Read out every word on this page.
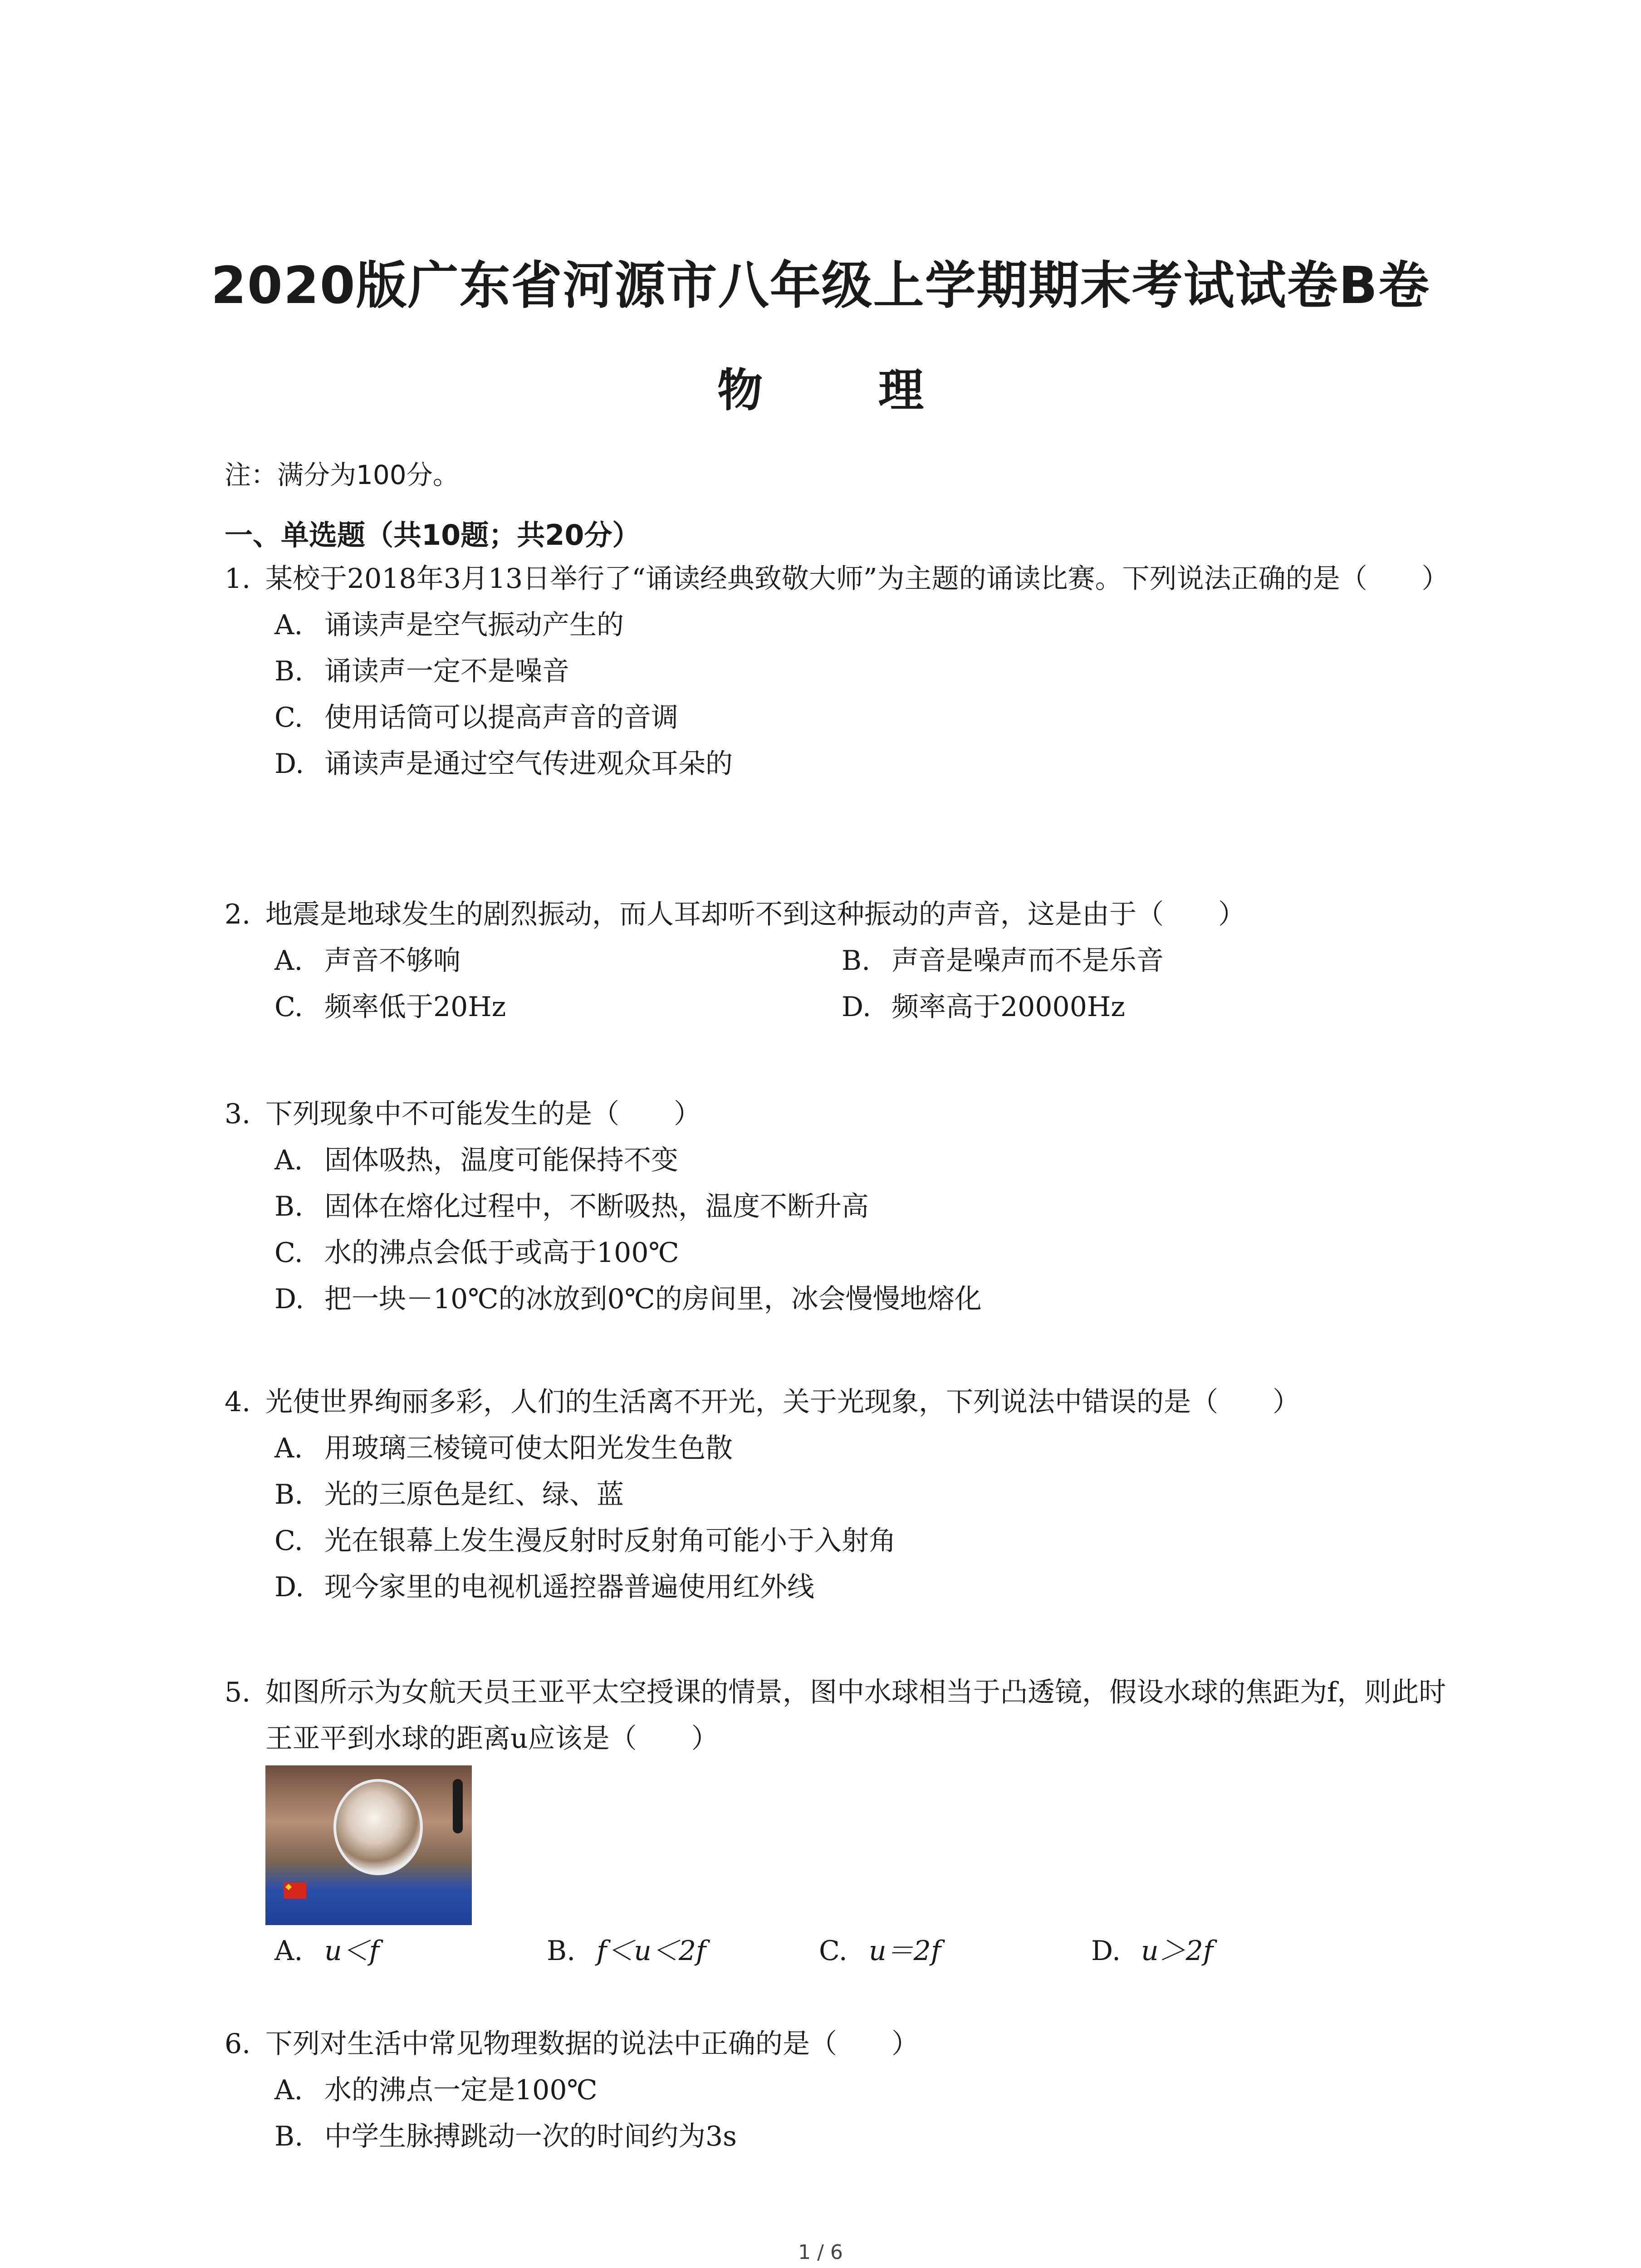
2020版广东省河源市八年级上学期期末考试试卷B卷
物 理
注：满分为100分。
一、单选题（共10题；共20分）
1. 某校于2018年3月13日举行了“诵读经典致敬大师”为主题的诵读比赛。下列说法正确的是（　　）
A. 诵读声是空气振动产生的
B. 诵读声一定不是噪音
C. 使用话筒可以提高声音的音调
D. 诵读声是通过空气传进观众耳朵的
2. 地震是地球发生的剧烈振动，而人耳却听不到这种振动的声音，这是由于（　　）
A. 声音不够响	B. 声音是噪声而不是乐音
C. 频率低于20Hz	D. 频率高于20000Hz
3. 下列现象中不可能发生的是（　　）
A. 固体吸热，温度可能保持不变
B. 固体在熔化过程中，不断吸热，温度不断升高
C. 水的沸点会低于或高于100℃
D. 把一块－10℃的冰放到0℃的房间里，冰会慢慢地熔化
4. 光使世界绚丽多彩，人们的生活离不开光，关于光现象，下列说法中错误的是（　　）
A. 用玻璃三棱镜可使太阳光发生色散
B. 光的三原色是红、绿、蓝
C. 光在银幕上发生漫反射时反射角可能小于入射角
D. 现今家里的电视机遥控器普遍使用红外线
5. 如图所示为女航天员王亚平太空授课的情景，图中水球相当于凸透镜，假设水球的焦距为f，则此时王亚平到水球的距离u应该是（　　）
A. u＜f	B. f＜u＜2f	C. u＝2f	D. u＞2f
6. 下列对生活中常见物理数据的说法中正确的是（　　）
A. 水的沸点一定是100℃
B. 中学生脉搏跳动一次的时间约为3s
1 / 6
